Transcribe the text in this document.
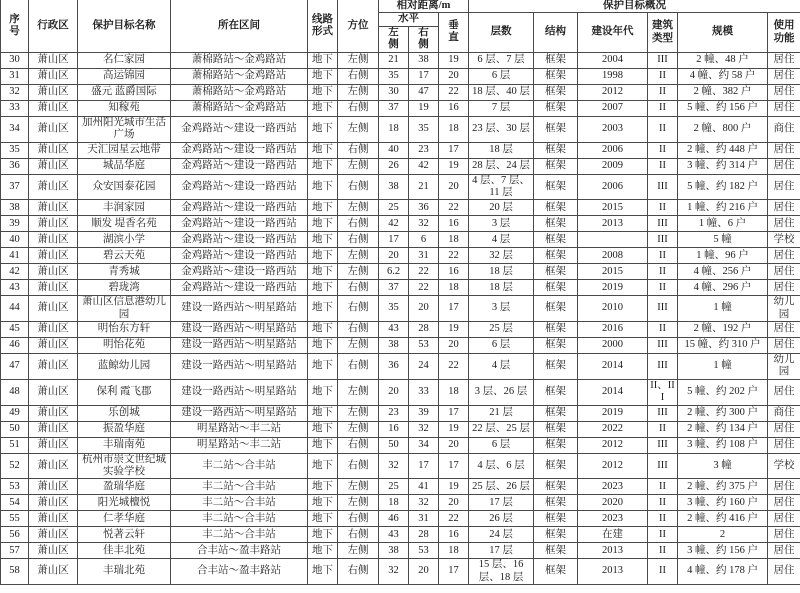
序号	行政区	保护目标名称	所在区间	线路形式	方位	相对距离/m			保护目标概况					
						水平		垂直	层数	结构	建设年代	建筑类型	规模	使用功能
						左侧	右侧							
30	萧山区	名仁家园	萧棉路站～金鸡路站	地下	左侧	21	38	19	6 层、7 层	框架	2004	III	2 幢、48 户	居住
31	萧山区	高运锦园	萧棉路站～金鸡路站	地下	右侧	35	17	20	6 层	框架	1998	II	4 幢、约 58 户	居住
32	萧山区	盛元 蓝爵国际	萧棉路站～金鸡路站	地下	左侧	30	47	22	18 层、40 层	框架	2012	II	2 幢、382 户	居住
33	萧山区	知稼苑	萧棉路站～金鸡路站	地下	右侧	37	19	16	7 层	框架	2007	II	5 幢、约 156 户	居住
34	萧山区	加州阳光城市生活广场	金鸡路站～建设一路西站	地下	左侧	18	35	18	23 层、30 层	框架	2003	II	2 幢、800 户	商住
35	萧山区	天汇园星云地带	金鸡路站～建设一路西站	地下	右侧	40	23	17	18 层	框架	2006	II	2 幢、约 448 户	居住
36	萧山区	城品华庭	金鸡路站～建设一路西站	地下	左侧	26	42	19	28 层、24 层	框架	2009	II	3 幢、约 314 户	居住
37	萧山区	众安国泰花园	金鸡路站～建设一路西站	地下	右侧	38	21	20	4 层、7 层、11 层	框架	2006	III	5 幢、约 182 户	居住
38	萧山区	丰润家园	金鸡路站～建设一路西站	地下	左侧	25	36	22	20 层	框架	2015	II	1 幢、约 216 户	居住
39	萧山区	顺发 堤香名苑	金鸡路站～建设一路西站	地下	右侧	42	32	16	3 层	框架	2013	III	1 幢、6 户	居住
40	萧山区	湖滨小学	金鸡路站～建设一路西站	地下	右侧	17	6	18	4 层	框架		III	5 幢	学校
41	萧山区	碧云天苑	金鸡路站～建设一路西站	地下	左侧	20	31	22	32 层	框架	2008	II	1 幢、96 户	居住
42	萧山区	青秀城	金鸡路站～建设一路西站	地下	左侧	6.2	22	16	18 层	框架	2015	II	4 幢、256 户	居住
43	萧山区	碧珑湾	金鸡路站～建设一路西站	地下	右侧	37	22	18	18 层	框架	2019	II	4 幢、296 户	居住
44	萧山区	萧山区信息港幼儿园	建设一路西站～明星路站	地下	右侧	35	20	17	3 层	框架	2010	III	1 幢	幼儿园
45	萧山区	明怡东方轩	建设一路西站～明星路站	地下	右侧	43	28	19	25 层	框架	2016	II	2 幢、192 户	居住
46	萧山区	明怡花苑	建设一路西站～明星路站	地下	左侧	38	53	20	6 层	框架	2000	III	15 幢、约 310 户	居住
47	萧山区	蓝鲸幼儿园	建设一路西站～明星路站	地下	右侧	36	24	22	4 层	框架	2014	III	1 幢	幼儿园
48	萧山区	保利 霞飞郡	建设一路西站～明星路站	地下	左侧	20	33	18	3 层、26 层	框架	2014	II、III	5 幢、约 202 户	居住
49	萧山区	乐创城	建设一路西站～明星路站	地下	左侧	23	39	17	21 层	框架	2019	III	2 幢、约 300 户	商住
50	萧山区	振盈华庭	明星路站～丰二站	地下	左侧	16	32	19	22 层、25 层	框架	2022	II	2 幢、约 134 户	居住
51	萧山区	丰瑞南苑	明星路站～丰二站	地下	右侧	50	34	20	6 层	框架	2012	III	3 幢、约 108 户	居住
52	萧山区	杭州市崇文世纪城实验学校	丰二站～合丰站	地下	右侧	32	17	17	4 层、6 层	框架	2012	III	3 幢	学校
53	萧山区	盈瑞华庭	丰二站～合丰站	地下	左侧	25	41	19	25 层、26 层	框架	2023	II	2 幢、约 375 户	居住
54	萧山区	阳光城檀悦	丰二站～合丰站	地下	左侧	18	32	20	17 层	框架	2020	II	3 幢、约 160 户	居住
55	萧山区	仁孝华庭	丰二站～合丰站	地下	右侧	46	31	22	26 层	框架	2023	II	2 幢、约 416 户	居住
56	萧山区	悦著云轩	丰二站～合丰站	地下	右侧	43	28	16	24 层	框架	在建	II	2	居住
57	萧山区	佳丰北苑	合丰站～盈丰路站	地下	左侧	38	53	18	17 层	框架	2013	II	3 幢、约 156 户	居住
58	萧山区	丰瑞北苑	合丰站～盈丰路站	地下	右侧	32	20	17	15 层、16 层、18 层	框架	2013	II	4 幢、约 178 户	居住
